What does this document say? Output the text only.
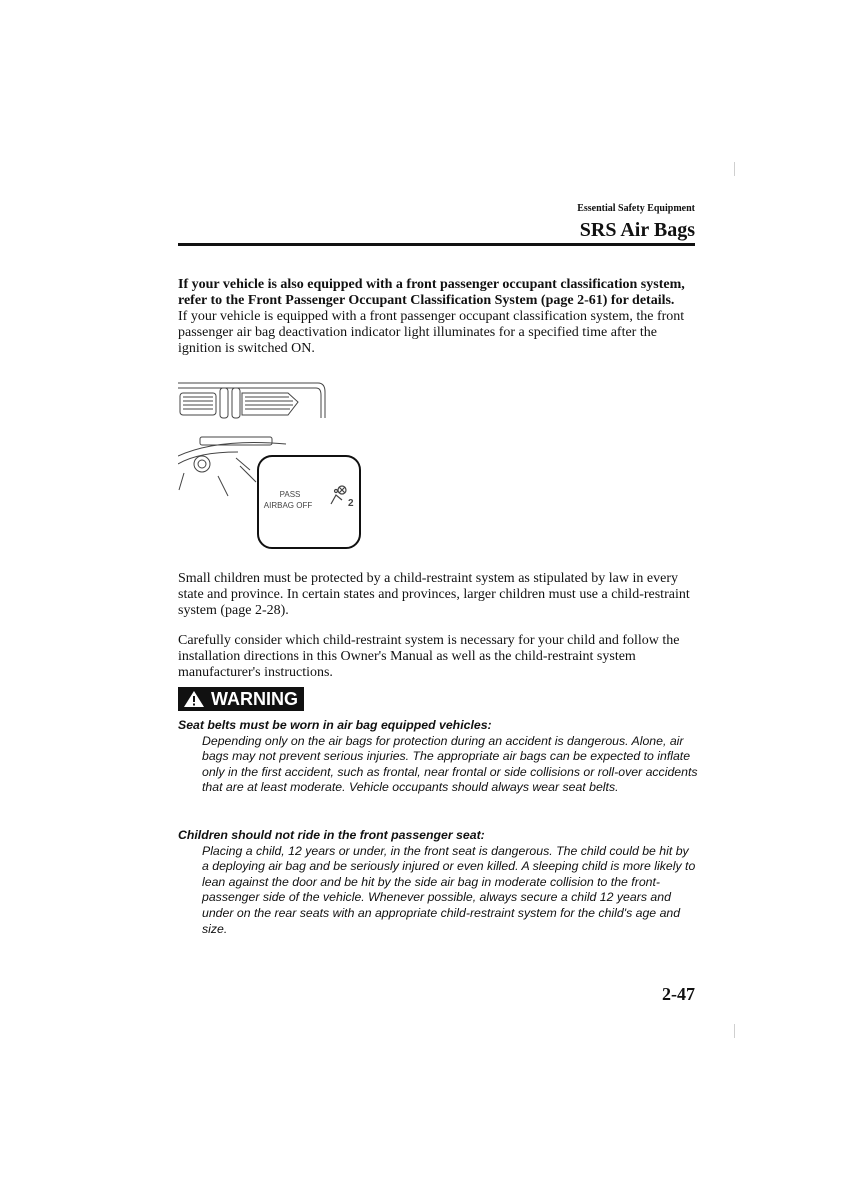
Essential Safety Equipment
SRS Air Bags

If your vehicle is also equipped with a front passenger occupant classification system, refer to the Front Passenger Occupant Classification System (page 2-61) for details.

If your vehicle is equipped with a front passenger occupant classification system, the front passenger air bag deactivation indicator light illuminates for a specified time after the ignition is switched ON.

PASS
AIRBAG OFF	2

Small children must be protected by a child-restraint system as stipulated by law in every state and province. In certain states and provinces, larger children must use a child-restraint system (page 2-28).

Carefully consider which child-restraint system is necessary for your child and follow the installation directions in this Owner's Manual as well as the child-restraint system manufacturer's instructions.

WARNING
Seat belts must be worn in air bag equipped vehicles:
Depending only on the air bags for protection during an accident is dangerous. Alone, air bags may not prevent serious injuries. The appropriate air bags can be expected to inflate only in the first accident, such as frontal, near frontal or side collisions or roll-over accidents that are at least moderate. Vehicle occupants should always wear seat belts.
Children should not ride in the front passenger seat:
Placing a child, 12 years or under, in the front seat is dangerous. The child could be hit by a deploying air bag and be seriously injured or even killed. A sleeping child is more likely to lean against the door and be hit by the side air bag in moderate collision to the front-passenger side of the vehicle. Whenever possible, always secure a child 12 years and under on the rear seats with an appropriate child-restraint system for the child's age and size.
2-47
